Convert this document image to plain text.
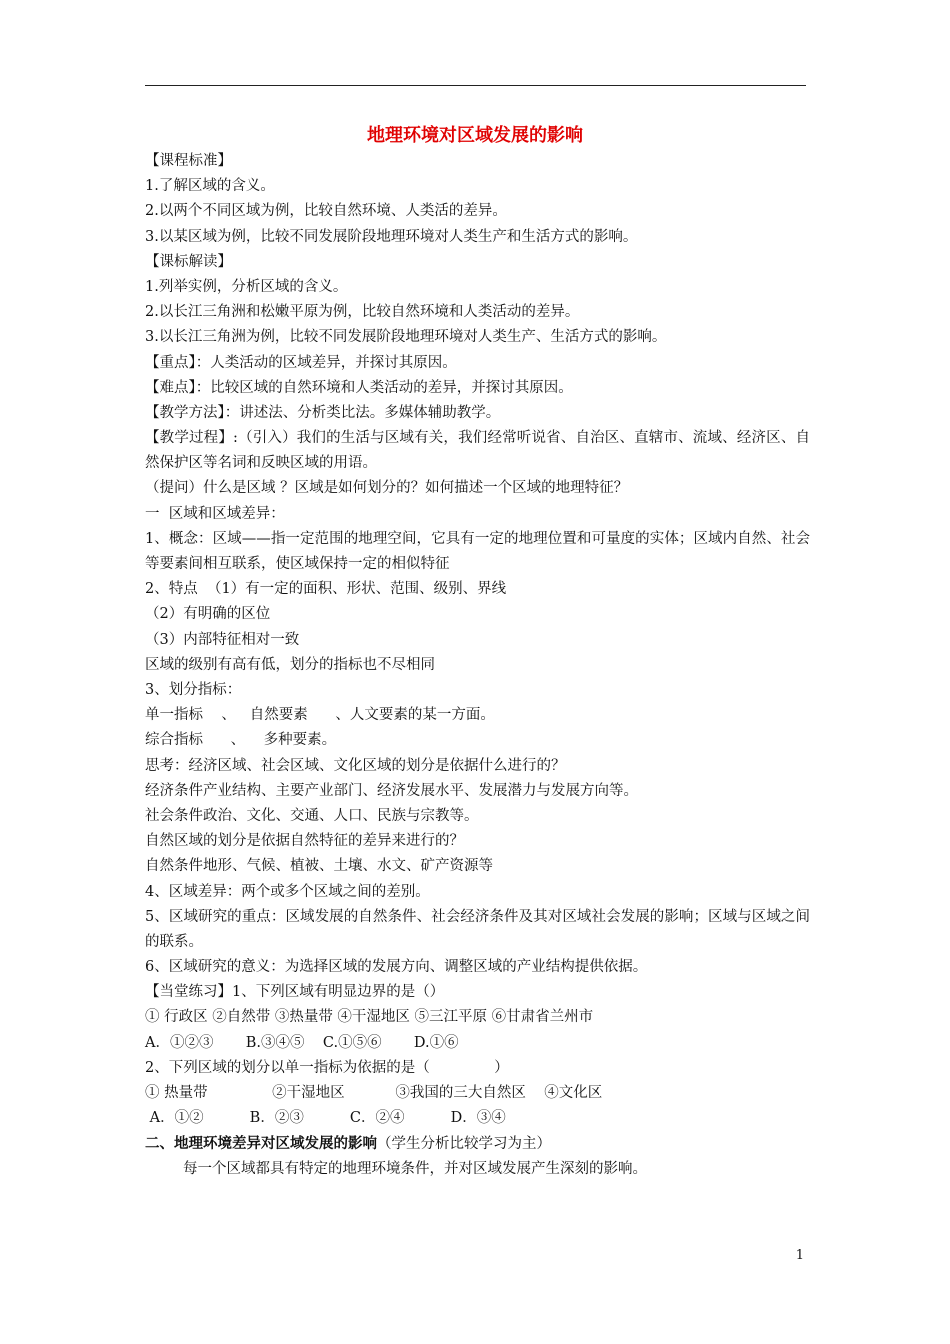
地理环境对区域发展的影响
【课程标准】
1.了解区域的含义。
2.以两个不同区域为例，比较自然环境、人类活的差异。
3.以某区域为例，比较不同发展阶段地理环境对人类生产和生活方式的影响。
【课标解读】
1.列举实例，分析区域的含义。
2.以长江三角洲和松嫩平原为例，比较自然环境和人类活动的差异。
3.以长江三角洲为例，比较不同发展阶段地理环境对人类生产、生活方式的影响。
【重点】：人类活动的区域差异，并探讨其原因。
【难点】：比较区域的自然环境和人类活动的差异，并探讨其原因。
【教学方法】：讲述法、分析类比法。多媒体辅助教学。
【教学过程】:（引入）我们的生活与区域有关，我们经常听说省、自治区、直辖市、流域、经济区、自然保护区等名词和反映区域的用语。
（提问）什么是区域 ？区域是如何划分的？如何描述一个区域的地理特征？
一  区域和区域差异：
1、概念：区域——指一定范围的地理空间，它具有一定的地理位置和可量度的实体；区域内自然、社会等要素间相互联系，使区域保持一定的相似特征
2、特点  （1）有一定的面积、形状、范围、级别、界线
（2）有明确的区位
（3）内部特征相对一致
区域的级别有高有低，划分的指标也不尽相同
3、划分指标：
单一指标    、   自然要素      、人文要素的某一方面。
综合指标      、    多种要素。
思考：经济区域、社会区域、文化区域的划分是依据什么进行的？
经济条件产业结构、主要产业部门、经济发展水平、发展潜力与发展方向等。
社会条件政治、文化、交通、人口、民族与宗教等。
自然区域的划分是依据自然特征的差异来进行的？
自然条件地形、气候、植被、土壤、水文、矿产资源等
4、区域差异：两个或多个区域之间的差别。
5、区域研究的重点：区域发展的自然条件、社会经济条件及其对区域社会发展的影响；区域与区域之间的联系。
6、区域研究的意义：为选择区域的发展方向、调整区域的产业结构提供依据。
【当堂练习】1、下列区域有明显边界的是（）
① 行政区 ②自然带 ③热量带 ④干湿地区 ⑤三江平原 ⑥甘肃省兰州市
A．①②③       B.③④⑤    C.①⑤⑥       D.①⑥
2、下列区域的划分以单一指标为依据的是（              ）
① 热量带              ②干湿地区           ③我国的三大自然区    ④文化区
A．①②          B．②③          C．②④          D．③④
二、地理环境差异对区域发展的影响（学生分析比较学习为主）
每一个区域都具有特定的地理环境条件，并对区域发展产生深刻的影响。
1
